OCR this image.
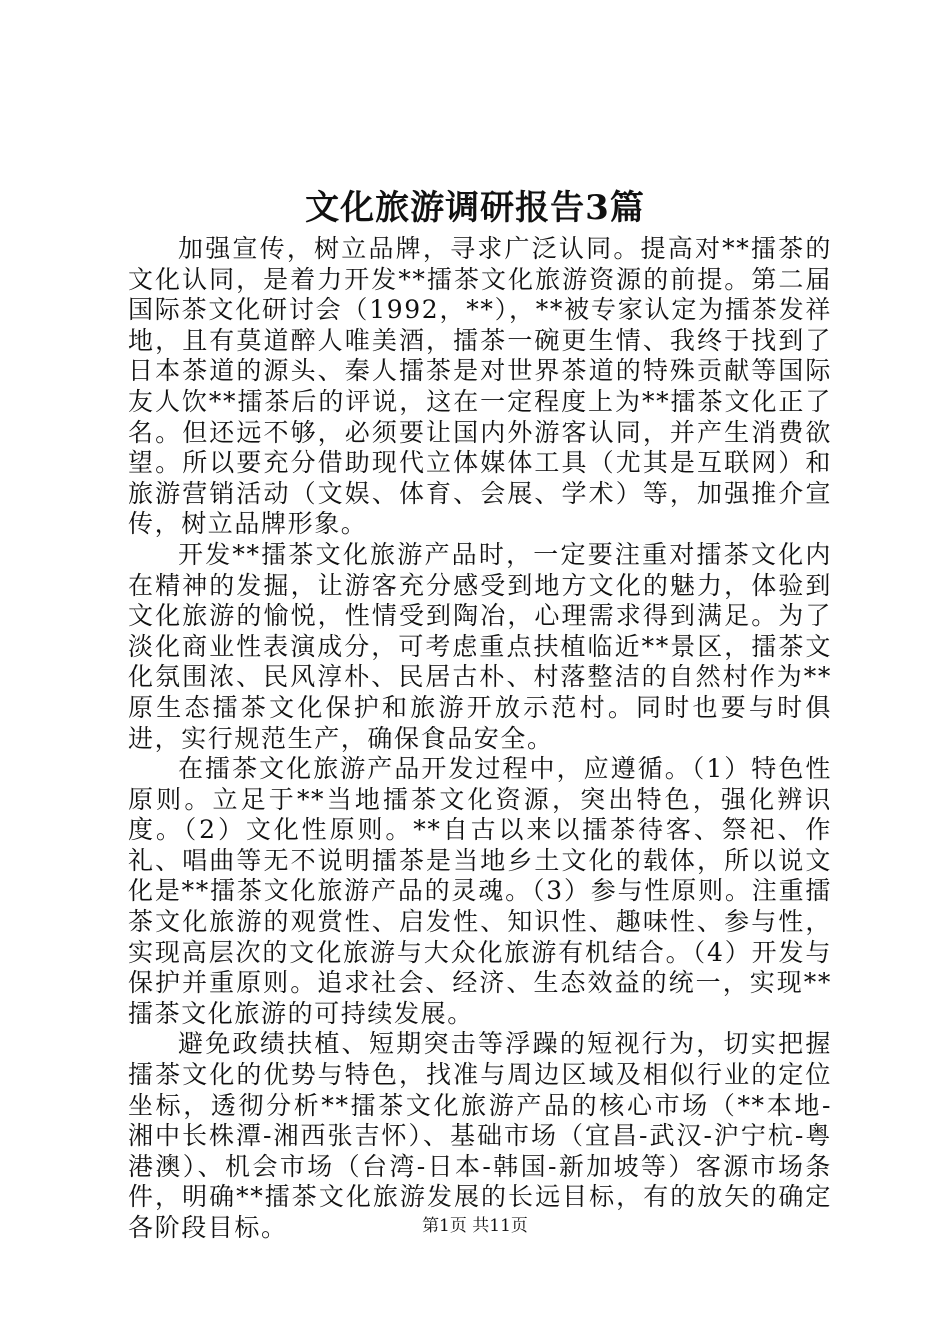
文化旅游调研报告3篇

加强宣传，树立品牌，寻求广泛认同。提高对**擂茶的文化认同，是着力开发**擂茶文化旅游资源的前提。第二届国际茶文化研讨会（1992，**），**被专家认定为擂茶发祥地，且有莫道醉人唯美酒，擂茶一碗更生情、我终于找到了日本茶道的源头、秦人擂茶是对世界茶道的特殊贡献等国际友人饮**擂茶后的评说，这在一定程度上为**擂茶文化正了名。但还远不够，必须要让国内外游客认同，并产生消费欲望。所以要充分借助现代立体媒体工具（尤其是互联网）和旅游营销活动（文娱、体育、会展、学术）等，加强推介宣传，树立品牌形象。

开发**擂茶文化旅游产品时，一定要注重对擂茶文化内在精神的发掘，让游客充分感受到地方文化的魅力，体验到文化旅游的愉悦，性情受到陶冶，心理需求得到满足。为了淡化商业性表演成分，可考虑重点扶植临近**景区，擂茶文化氛围浓、民风淳朴、民居古朴、村落整洁的自然村作为**原生态擂茶文化保护和旅游开放示范村。同时也要与时俱进，实行规范生产，确保食品安全。

在擂茶文化旅游产品开发过程中，应遵循。（1）特色性原则。立足于**当地擂茶文化资源，突出特色，强化辨识度。（2）文化性原则。**自古以来以擂茶待客、祭祀、作礼、唱曲等无不说明擂茶是当地乡土文化的载体，所以说文化是**擂茶文化旅游产品的灵魂。（3）参与性原则。注重擂茶文化旅游的观赏性、启发性、知识性、趣味性、参与性，实现高层次的文化旅游与大众化旅游有机结合。（4）开发与保护并重原则。追求社会、经济、生态效益的统一，实现**擂茶文化旅游的可持续发展。

避免政绩扶植、短期突击等浮躁的短视行为，切实把握擂茶文化的优势与特色，找准与周边区域及相似行业的定位坐标，透彻分析**擂茶文化旅游产品的核心市场（**本地-湘中长株潭-湘西张吉怀）、基础市场（宜昌-武汉-沪宁杭-粤港澳）、机会市场（台湾-日本-韩国-新加坡等）客源市场条件，明确**擂茶文化旅游发展的长远目标，有的放矢的确定各阶段目标。	第1页 共11页
